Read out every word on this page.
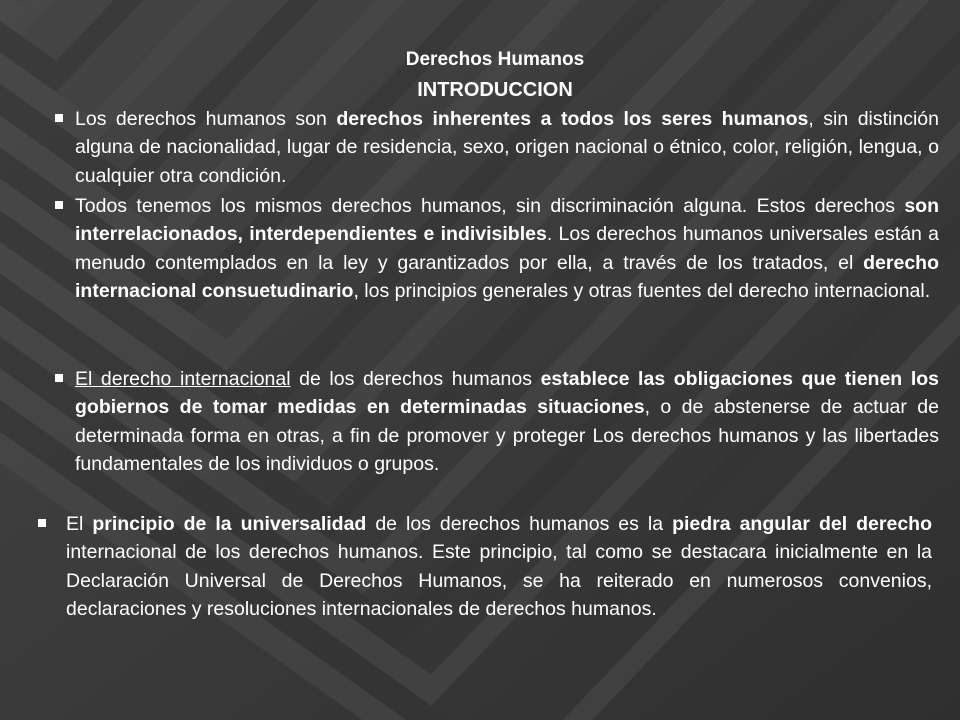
Derechos Humanos
INTRODUCCION

Los derechos humanos son derechos inherentes a todos los seres humanos, sin distinción alguna de nacionalidad, lugar de residencia, sexo, origen nacional o étnico, color, religión, lengua, o cualquier otra condición.

Todos tenemos los mismos derechos humanos, sin discriminación alguna. Estos derechos son interrelacionados, interdependientes e indivisibles. Los derechos humanos universales están a menudo contemplados en la ley y garantizados por ella, a través de los tratados, el derecho internacional consuetudinario, los principios generales y otras fuentes del derecho internacional.

El derecho internacional de los derechos humanos establece las obligaciones que tienen los gobiernos de tomar medidas en determinadas situaciones, o de abstenerse de actuar de determinada forma en otras, a fin de promover y proteger Los derechos humanos y las libertades fundamentales de los individuos o grupos.

El principio de la universalidad de los derechos humanos es la piedra angular del derecho internacional de los derechos humanos. Este principio, tal como se destacara inicialmente en la Declaración Universal de Derechos Humanos, se ha reiterado en numerosos convenios, declaraciones y resoluciones internacionales de derechos humanos.
